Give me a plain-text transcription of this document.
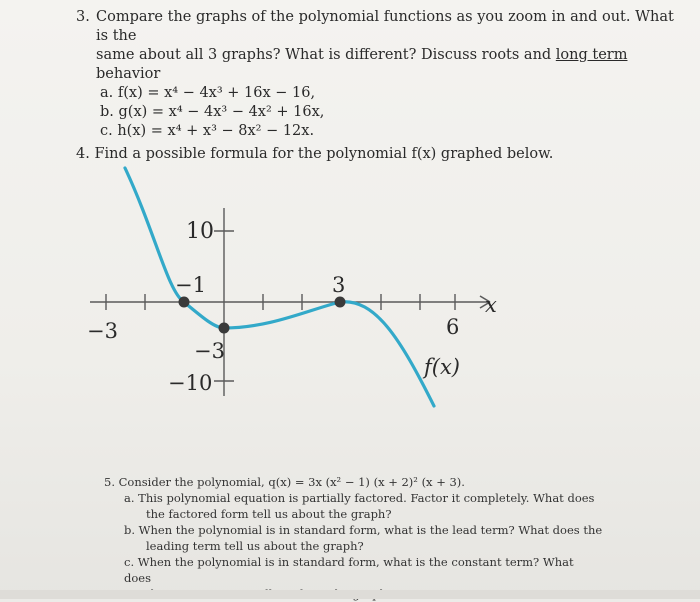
3. Compare the graphs of the polynomial functions as you zoom in and out. What is the
same about all 3 graphs? What is different? Discuss roots and long term behavior
a. f(x) = x⁴ − 4x³ + 16x − 16,
b. g(x) = x⁴ − 4x³ − 4x² + 16x,
c. h(x) = x⁴ + x³ − 8x² − 12x.
4. Find a possible formula for the polynomial f(x) graphed below.
10
−1	3
x
−3	6
−3
f(x)
−10
5. Consider the polynomial, q(x) = 3x (x² − 1) (x + 2)² (x + 3).
a. This polynomial equation is partially factored. Factor it completely. What does
the factored form tell us about the graph?
b. When the polynomial is in standard form, what is the lead term? What does the
leading term tell us about the graph?
c. When the polynomial is in standard form, what is the constant term? What does
